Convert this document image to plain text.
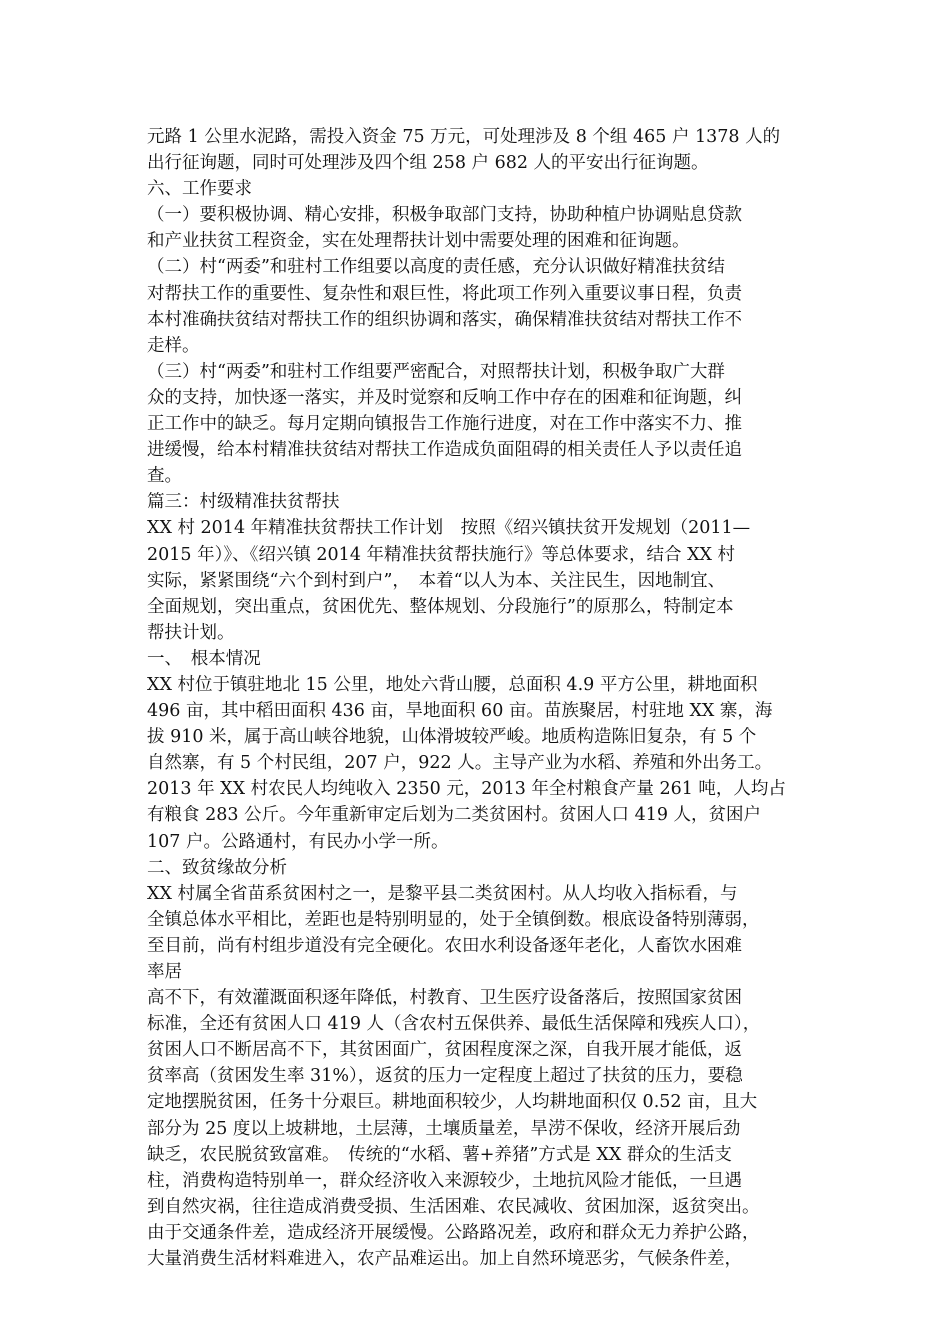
元路 1 公里水泥路，需投入资金 75 万元，可处理涉及 8 个组 465 户 1378 人的
出行征询题，同时可处理涉及四个组 258 户 682 人的平安出行征询题。
六、工作要求
（一）要积极协调、精心安排，积极争取部门支持，协助种植户协调贴息贷款
和产业扶贫工程资金，实在处理帮扶计划中需要处理的困难和征询题。
（二）村“两委”和驻村工作组要以高度的责任感，充分认识做好精准扶贫结
对帮扶工作的重要性、复杂性和艰巨性，将此项工作列入重要议事日程，负责
本村准确扶贫结对帮扶工作的组织协调和落实，确保精准扶贫结对帮扶工作不
走样。
（三）村“两委”和驻村工作组要严密配合，对照帮扶计划，积极争取广大群
众的支持，加快逐一落实，并及时觉察和反响工作中存在的困难和征询题，纠
正工作中的缺乏。每月定期向镇报告工作施行进度，对在工作中落实不力、推
进缓慢，给本村精准扶贫结对帮扶工作造成负面阻碍的相关责任人予以责任追
查。
篇三：村级精准扶贫帮扶
XX 村 2014 年精准扶贫帮扶工作计划　按照《绍兴镇扶贫开发规划（2011—
2015 年）》、《绍兴镇 2014 年精准扶贫帮扶施行》等总体要求，结合 XX 村
实际，紧紧围绕“六个到村到户”，　本着“以人为本、关注民生，因地制宜、
全面规划，突出重点，贫困优先、整体规划、分段施行”的原那么，特制定本
帮扶计划。
一、　根本情况
XX 村位于镇驻地北 15 公里，地处六背山腰，总面积 4.9 平方公里，耕地面积
496 亩，其中稻田面积 436 亩，旱地面积 60 亩。苗族聚居，村驻地 XX 寨，海
拔 910 米，属于高山峡谷地貌，山体滑坡较严峻。地质构造陈旧复杂，有 5 个
自然寨，有 5 个村民组，207 户，922 人。主导产业为水稻、养殖和外出务工。
2013 年 XX 村农民人均纯收入 2350 元，2013 年全村粮食产量 261 吨，人均占
有粮食 283 公斤。今年重新审定后划为二类贫困村。贫困人口 419 人，贫困户
107 户。公路通村，有民办小学一所。
二、致贫缘故分析
XX 村属全省苗系贫困村之一，是黎平县二类贫困村。从人均收入指标看，与
全镇总体水平相比，差距也是特别明显的，处于全镇倒数。根底设备特别薄弱，
至目前，尚有村组步道没有完全硬化。农田水利设备逐年老化，人畜饮水困难
率居
高不下，有效灌溉面积逐年降低，村教育、卫生医疗设备落后，按照国家贫困
标准，全还有贫困人口 419 人（含农村五保供养、最低生活保障和残疾人口），
贫困人口不断居高不下，其贫困面广，贫困程度深之深，自我开展才能低，返
贫率高（贫困发生率 31%），返贫的压力一定程度上超过了扶贫的压力，要稳
定地摆脱贫困，任务十分艰巨。耕地面积较少，人均耕地面积仅 0.52 亩，且大
部分为 25 度以上坡耕地，土层薄，土壤质量差，旱涝不保收，经济开展后劲
缺乏，农民脱贫致富难。　传统的“水稻、薯+养猪”方式是 XX 群众的生活支
柱，消费构造特别单一，群众经济收入来源较少，土地抗风险才能低，一旦遇
到自然灾祸，往往造成消费受损、生活困难、农民减收、贫困加深，返贫突出。
由于交通条件差，造成经济开展缓慢。公路路况差，政府和群众无力养护公路，
大量消费生活材料难进入，农产品难运出。加上自然环境恶劣，气候条件差，
